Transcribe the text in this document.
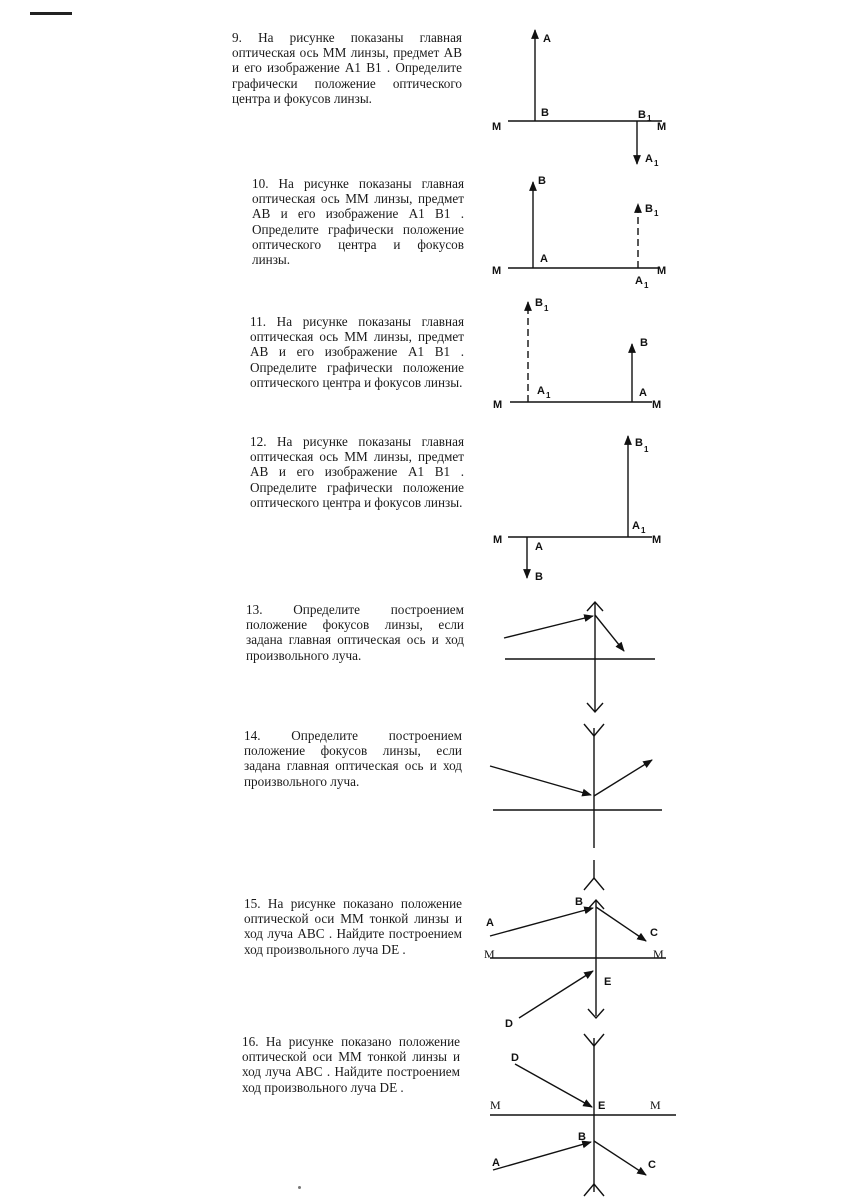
9. На рисунке показаны главная оптическая ось MM линзы, предмет AB и его изображение A1 B1 . Определите графически положение оптического центра и фокусов линзы.
10. На рисунке показаны главная оптическая ось MM линзы, предмет AB и его изображение A1 B1 . Определите графически положение оптического центра и фокусов линзы.
11. На рисунке показаны главная оптическая ось MM линзы, предмет AB и его изображение A1 B1 . Определите графически положение оптического центра и фокусов линзы.
12. На рисунке показаны главная оптическая ось MM линзы, предмет AB и его изображение A1 B1 . Определите графически положение оптического центра и фокусов линзы.
13. Определите построением положение фокусов линзы, если задана главная оптическая ось и ход произвольного луча.
14. Определите построением положение фокусов линзы, если задана главная оптическая ось и ход произвольного луча.
15. На рисунке показано положение оптической оси MM тонкой линзы и ход луча ABC . Найдите построением ход произвольного луча DE .
16. На рисунке показано положение оптической оси MM тонкой линзы и ход луча ABC . Найдите построением ход произвольного луча DE .
M	M
A
B	B 1
A 1
M	M
B
A
B 1
A 1
M	M
B 1
A 1
B
A
M	M
A
B
B
1
A 1
A
B
C
M	M
E
D
D
M	M
E
B
A	C
